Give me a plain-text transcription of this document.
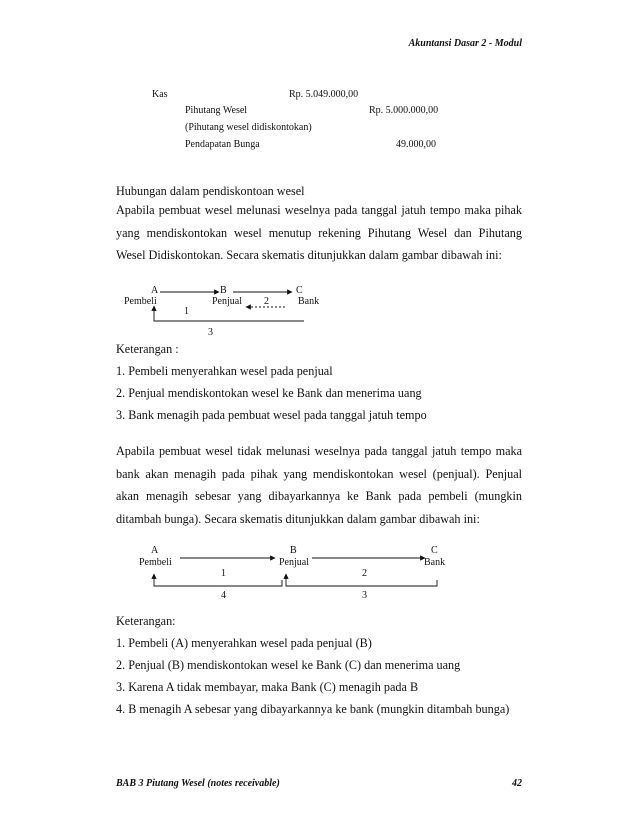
Akuntansi Dasar 2 - Modul
Kas	Rp. 5.049.000,00
Pihutang Wesel	Rp. 5.000.000,00
(Pihutang wesel didiskontokan)
Pendapatan Bunga	49.000,00
Hubungan dalam pendiskontoan wesel
Apabila pembuat wesel melunasi weselnya pada tanggal jatuh tempo maka pihak yang mendiskontokan wesel menutup rekening Pihutang Wesel dan Pihutang Wesel Didiskontokan. Secara skematis ditunjukkan dalam gambar dibawah ini:
A
Pembeli
B
Penjual
C
Bank
2
1
3
Keterangan :
1. Pembeli menyerahkan wesel pada penjual
2. Penjual mendiskontokan wesel ke Bank dan menerima uang
3. Bank menagih pada pembuat wesel pada tanggal jatuh tempo
Apabila pembuat wesel tidak melunasi weselnya pada tanggal jatuh tempo maka bank akan menagih pada pihak yang mendiskontokan wesel (penjual). Penjual akan menagih sebesar yang dibayarkannya ke Bank pada pembeli (mungkin ditambah bunga). Secara skematis ditunjukkan dalam gambar dibawah ini:
A
Pembeli
B
Penjual
C
Bank
1	2
4	3
Keterangan:
1. Pembeli (A) menyerahkan wesel pada penjual (B)
2. Penjual (B) mendiskontokan wesel ke Bank (C) dan menerima uang
3. Karena A tidak membayar, maka Bank (C) menagih pada B
4. B menagih A sebesar yang dibayarkannya ke bank (mungkin ditambah bunga)
BAB 3 Piutang Wesel (notes receivable)	42
